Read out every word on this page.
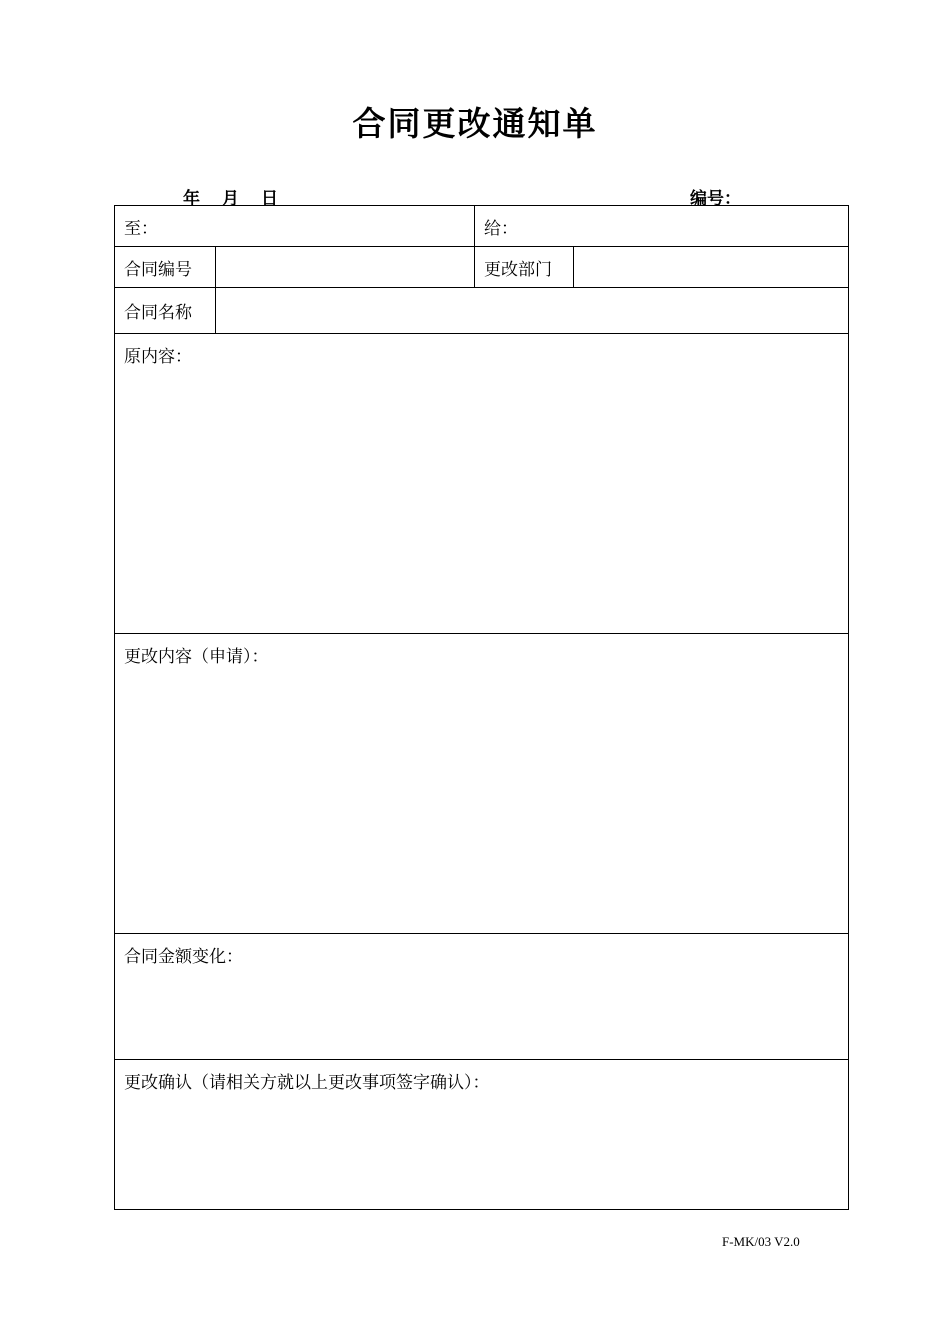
合同更改通知单
年 月 日	编号：
至：		给：	
合同编号		更改部门	
合同名称			
原内容：			
更改内容（申请）：			
合同金额变化：			
更改确认（请相关方就以上更改事项签字确认）：			
F-MK/03 V2.0
